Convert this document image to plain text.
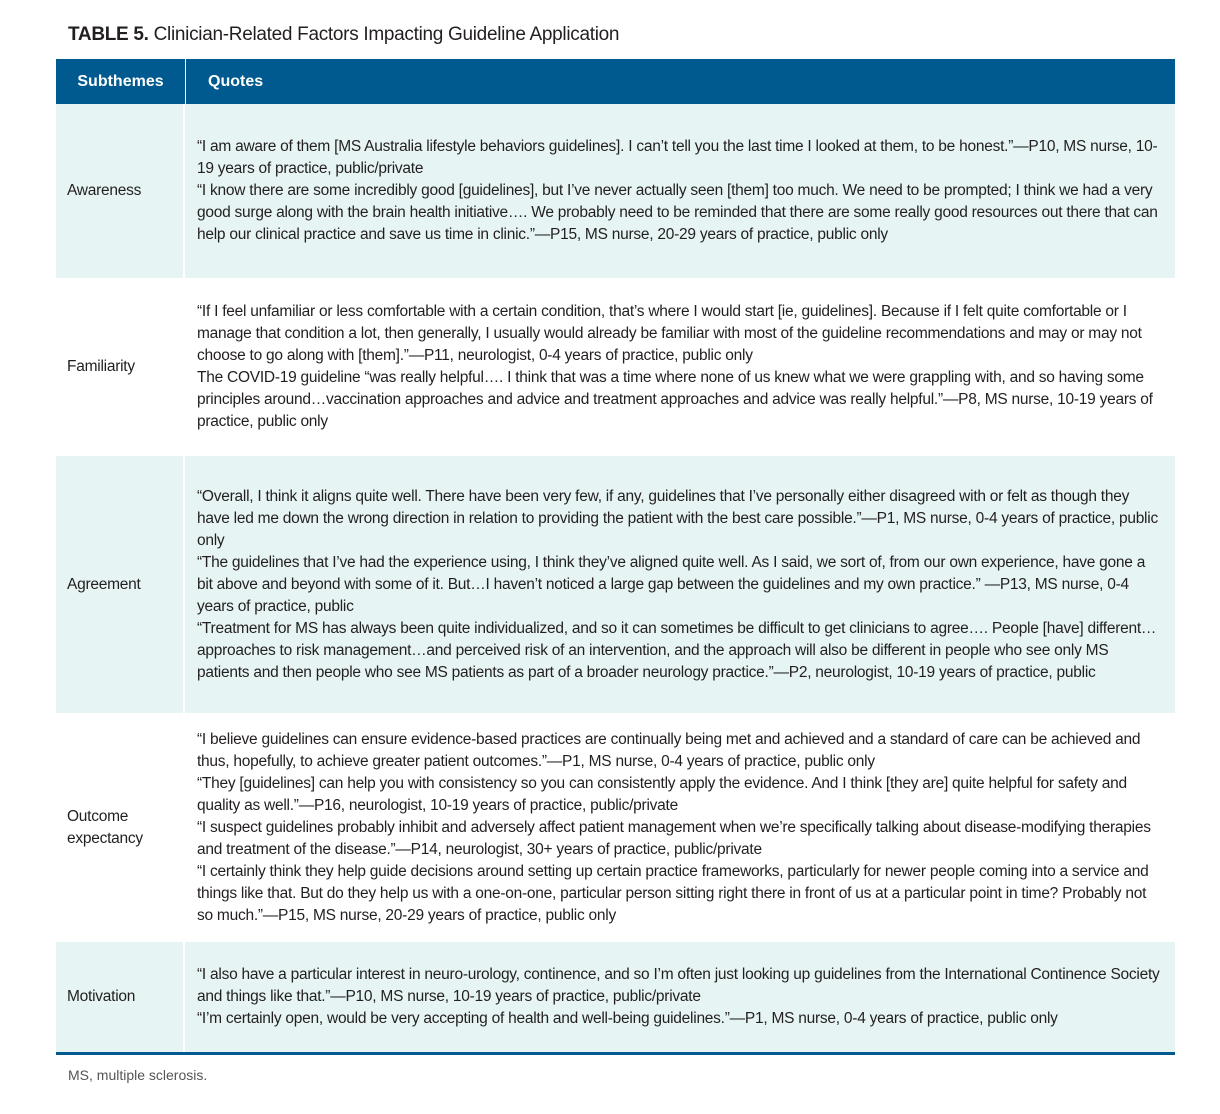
TABLE 5. Clinician-Related Factors Impacting Guideline Application
Subthemes	Quotes
Awareness

“I am aware of them [MS Australia lifestyle behaviors guidelines]. I can’t tell you the last time I looked at them, to be honest.”—P10, MS nurse, 10-19 years of practice, public/private

“I know there are some incredibly good [guidelines], but I’ve never actually seen [them] too much. We need to be prompted; I think we had a very good surge along with the brain health initiative…. We probably need to be reminded that there are some really good resources out there that can help our clinical practice and save us time in clinic.”—P15, MS nurse, 20-29 years of practice, public only

Familiarity

“If I feel unfamiliar or less comfortable with a certain condition, that’s where I would start [ie, guidelines]. Because if I felt quite comfortable or I manage that condition a lot, then generally, I usually would already be familiar with most of the guideline recommendations and may or may not choose to go along with [them].”—P11, neurologist, 0-4 years of practice, public only

The COVID-19 guideline “was really helpful…. I think that was a time where none of us knew what we were grappling with, and so having some principles around…vaccination approaches and advice and treatment approaches and advice was really helpful.”—P8, MS nurse, 10-19 years of practice, public only

Agreement

“Overall, I think it aligns quite well. There have been very few, if any, guidelines that I’ve personally either disagreed with or felt as though they have led me down the wrong direction in relation to providing the patient with the best care possible.”—P1, MS nurse, 0-4 years of practice, public only

“The guidelines that I’ve had the experience using, I think they’ve aligned quite well. As I said, we sort of, from our own experience, have gone a bit above and beyond with some of it. But…I haven’t noticed a large gap between the guidelines and my own practice.” —P13, MS nurse, 0-4 years of practice, public

“Treatment for MS has always been quite individualized, and so it can sometimes be difficult to get clinicians to agree…. People [have] different…approaches to risk management…and perceived risk of an intervention, and the approach will also be different in people who see only MS patients and then people who see MS patients as part of a broader neurology practice.”—P2, neurologist, 10-19 years of practice, public

Outcome expectancy

“I believe guidelines can ensure evidence-based practices are continually being met and achieved and a standard of care can be achieved and thus, hopefully, to achieve greater patient outcomes.”—P1, MS nurse, 0-4 years of practice, public only

“They [guidelines] can help you with consistency so you can consistently apply the evidence. And I think [they are] quite helpful for safety and quality as well.”—P16, neurologist, 10-19 years of practice, public/private

“I suspect guidelines probably inhibit and adversely affect patient management when we’re specifically talking about disease-modifying therapies and treatment of the disease.”—P14, neurologist, 30+ years of practice, public/private

“I certainly think they help guide decisions around setting up certain practice frameworks, particularly for newer people coming into a service and things like that. But do they help us with a one-on-one, particular person sitting right there in front of us at a particular point in time? Probably not so much.”—P15, MS nurse, 20-29 years of practice, public only

Motivation

“I also have a particular interest in neuro-urology, continence, and so I’m often just looking up guidelines from the International Continence Society and things like that.”—P10, MS nurse, 10-19 years of practice, public/private

“I’m certainly open, would be very accepting of health and well-being guidelines.”—P1, MS nurse, 0-4 years of practice, public only

MS, multiple sclerosis.
